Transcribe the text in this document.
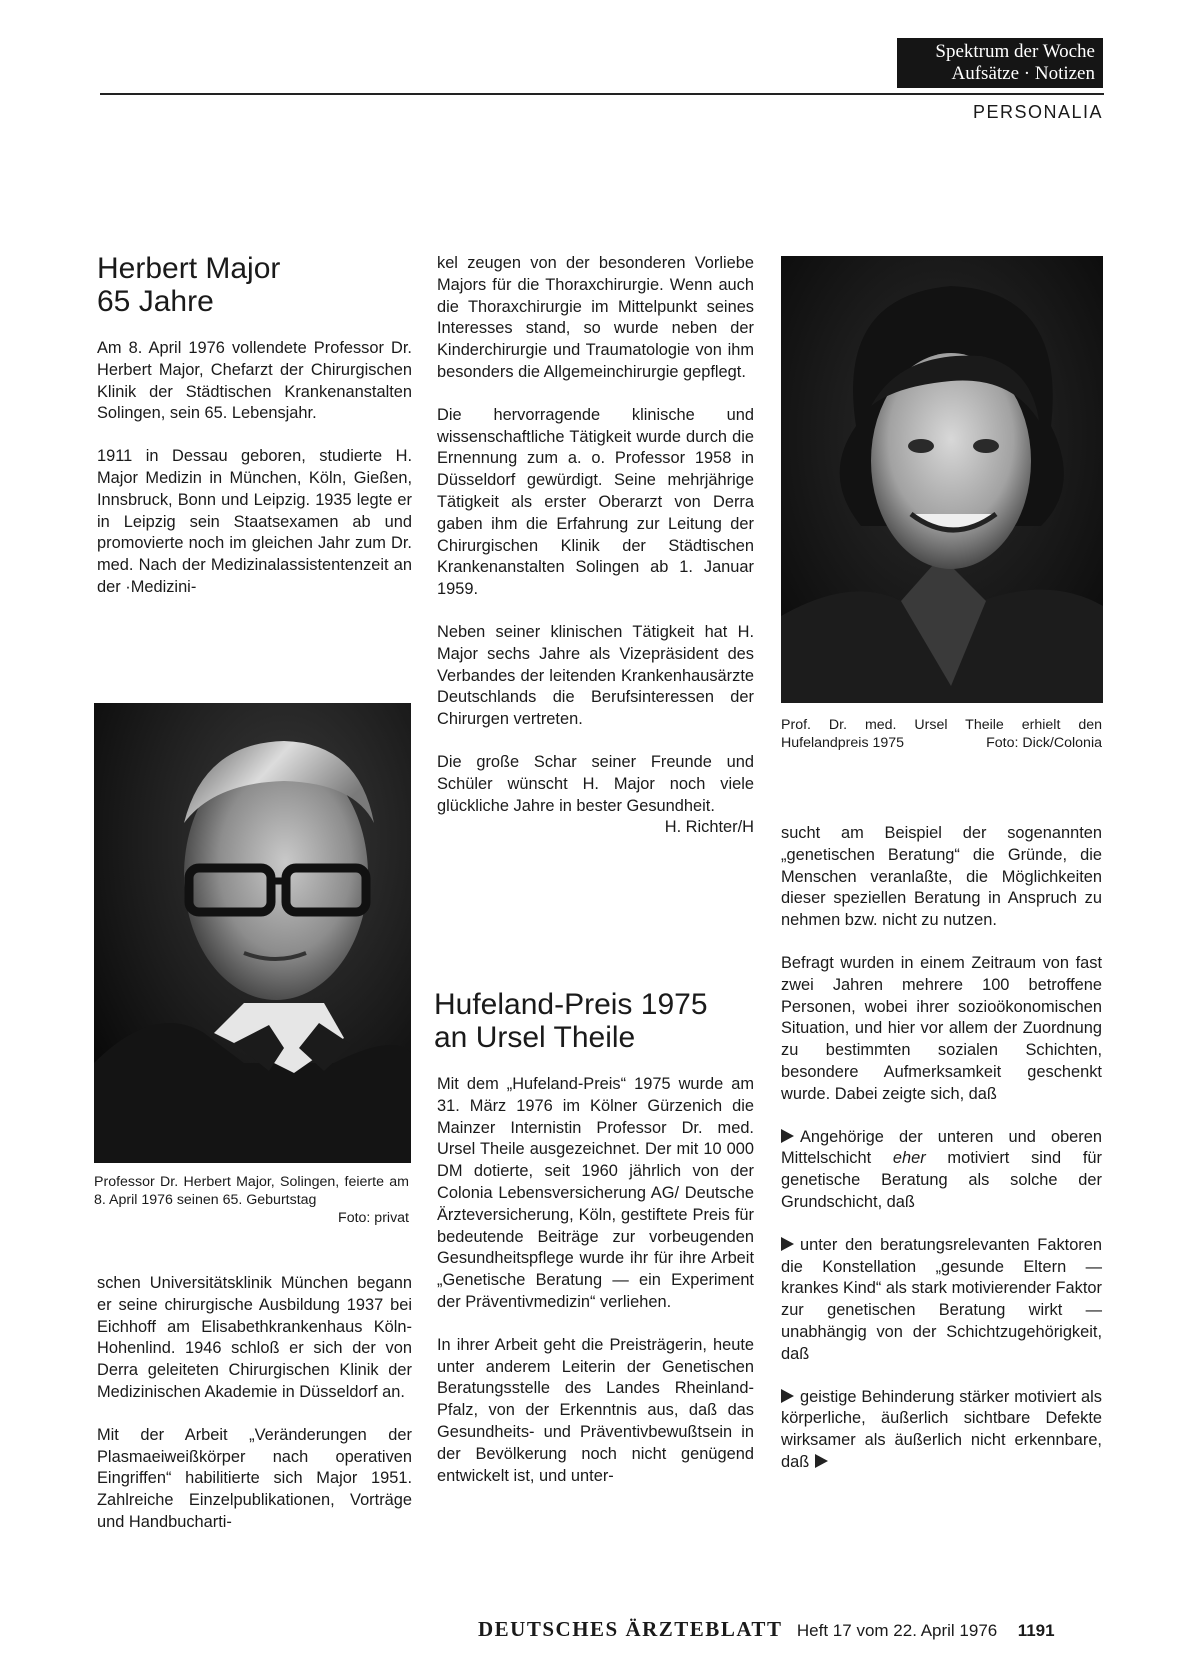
Spektrum der Woche
Aufsätze · Notizen
PERSONALIA
Herbert Major
65 Jahre

Am 8. April 1976 vollendete Professor Dr. Herbert Major, Chefarzt der Chirurgischen Klinik der Städtischen Krankenanstalten Solingen, sein 65. Lebensjahr.

1911 in Dessau geboren, studierte H. Major Medizin in München, Köln, Gießen, Innsbruck, Bonn und Leipzig. 1935 legte er in Leipzig sein Staatsexamen ab und promovierte noch im gleichen Jahr zum Dr. med. Nach der Medizinalassistentenzeit an der ·Medizini-

Professor Dr. Herbert Major, Solingen, feierte am 8. April 1976 seinen 65. Geburtstag
Foto: privat

schen Universitätsklinik München begann er seine chirurgische Ausbildung 1937 bei Eichhoff am Elisabethkrankenhaus Köln-Hohenlind. 1946 schloß er sich der von Derra geleiteten Chirurgischen Klinik der Medizinischen Akademie in Düsseldorf an.

Mit der Arbeit „Veränderungen der Plasmaeiweißkörper nach operativen Eingriffen“ habilitierte sich Major 1951. Zahlreiche Einzelpublikationen, Vorträge und Handbucharti-

kel zeugen von der besonderen Vorliebe Majors für die Thoraxchirurgie. Wenn auch die Thoraxchirurgie im Mittelpunkt seines Interesses stand, so wurde neben der Kinderchirurgie und Traumatologie von ihm besonders die Allgemeinchirurgie gepflegt.

Die hervorragende klinische und wissenschaftliche Tätigkeit wurde durch die Ernennung zum a. o. Professor 1958 in Düsseldorf gewürdigt. Seine mehrjährige Tätigkeit als erster Oberarzt von Derra gaben ihm die Erfahrung zur Leitung der Chirurgischen Klinik der Städtischen Krankenanstalten Solingen ab 1. Januar 1959.

Neben seiner klinischen Tätigkeit hat H. Major sechs Jahre als Vizepräsident des Verbandes der leitenden Krankenhausärzte Deutschlands die Berufsinteressen der Chirurgen vertreten.

Die große Schar seiner Freunde und Schüler wünscht H. Major noch viele glückliche Jahre in bester Gesundheit.

H. Richter/H
Hufeland-Preis 1975
an Ursel Theile

Mit dem „Hufeland-Preis“ 1975 wurde am 31. März 1976 im Kölner Gürzenich die Mainzer Internistin Professor Dr. med. Ursel Theile ausgezeichnet. Der mit 10 000 DM dotierte, seit 1960 jährlich von der Colonia Lebensversicherung AG/ Deutsche Ärzteversicherung, Köln, gestiftete Preis für bedeutende Beiträge zur vorbeugenden Gesundheitspflege wurde ihr für ihre Arbeit „Genetische Beratung — ein Experiment der Präventivmedizin“ verliehen.

In ihrer Arbeit geht die Preisträgerin, heute unter anderem Leiterin der Genetischen Beratungsstelle des Landes Rheinland-Pfalz, von der Erkenntnis aus, daß das Gesundheits- und Präventivbewußtsein in der Bevölkerung noch nicht genügend entwickelt ist, und unter-

Prof. Dr. med. Ursel Theile erhielt den Hufelandpreis 1975	Foto: Dick/Colonia

sucht am Beispiel der sogenannten „genetischen Beratung“ die Gründe, die Menschen veranlaßte, die Möglichkeiten dieser speziellen Beratung in Anspruch zu nehmen bzw. nicht zu nutzen.

Befragt wurden in einem Zeitraum von fast zwei Jahren mehrere 100 betroffene Personen, wobei ihrer sozioökonomischen Situation, und hier vor allem der Zuordnung zu bestimmten sozialen Schichten, besondere Aufmerksamkeit geschenkt wurde. Dabei zeigte sich, daß

Angehörige der unteren und oberen Mittelschicht eher motiviert sind für genetische Beratung als solche der Grundschicht, daß

unter den beratungsrelevanten Faktoren die Konstellation „gesunde Eltern — krankes Kind“ als stark motivierender Faktor zur genetischen Beratung wirkt — unabhängig von der Schichtzugehörigkeit, daß

geistige Behinderung stärker motiviert als körperliche, äußerlich sichtbare Defekte wirksamer als äußerlich nicht erkennbare, daß

DEUTSCHES ÄRZTEBLATT Heft 17 vom 22. April 1976 1191
